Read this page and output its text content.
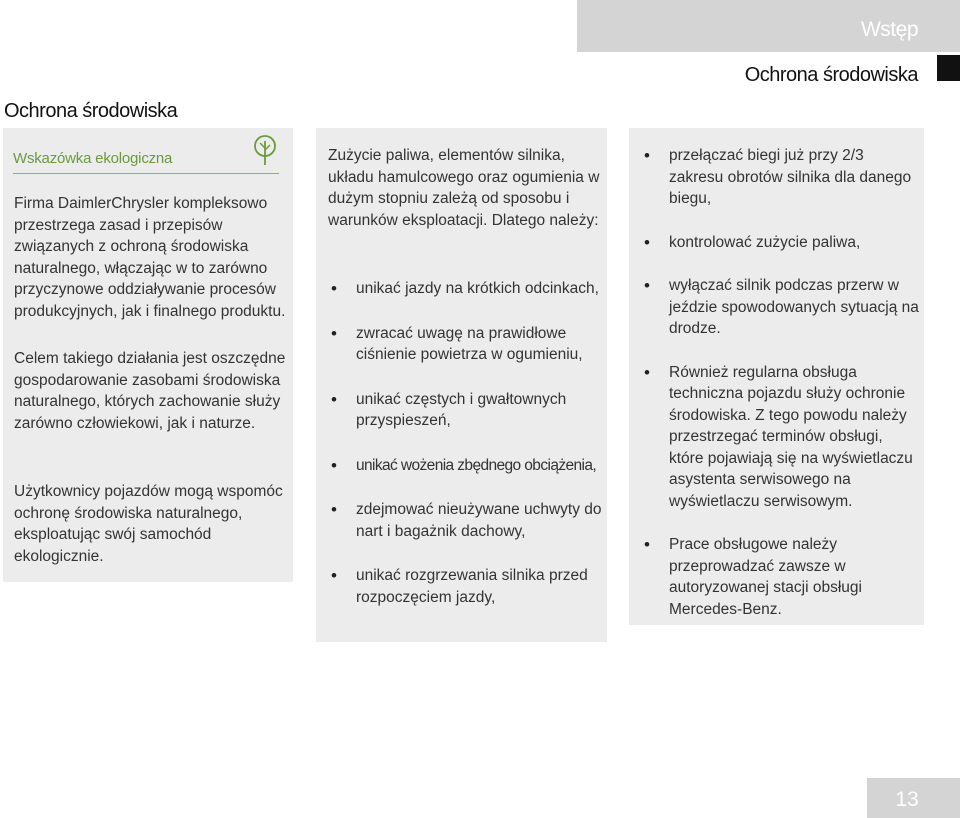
Wstęp
Ochrona środowiska
Ochrona środowiska
Wskazówka ekologiczna

Firma DaimlerChrysler kompleksowo przestrzega zasad i przepisów związanych z ochroną środowiska naturalnego, włączając w to zarówno przyczynowe oddziaływanie procesów produkcyjnych, jak i finalnego produktu.

Celem takiego działania jest oszczędne gospodarowanie zasobami środowiska naturalnego, których zachowanie służy zarówno człowiekowi, jak i naturze.

Użytkownicy pojazdów mogą wspomóc ochronę środowiska naturalnego, eksploatując swój samochód ekologicznie.

Zużycie paliwa, elementów silnika, układu hamulcowego oraz ogumienia w dużym stopniu zależą od sposobu i warunków eksploatacji. Dlatego należy:

• unikać jazdy na krótkich odcinkach,
• zwracać uwagę na prawidłowe ciśnienie powietrza w ogumieniu,
• unikać częstych i gwałtownych przyspieszeń,
• unikać wożenia zbędnego obciążenia,
• zdejmować nieużywane uchwyty do nart i bagażnik dachowy,
• unikać rozgrzewania silnika przed rozpoczęciem jazdy,
• przełączać biegi już przy 2/3 zakresu obrotów silnika dla danego biegu,
• kontrolować zużycie paliwa,
• wyłączać silnik podczas przerw w jeździe spowodowanych sytuacją na drodze.
• Również regularna obsługa techniczna pojazdu służy ochronie środowiska. Z tego powodu należy przestrzegać terminów obsługi, które pojawiają się na wyświetlaczu asystenta serwisowego na wyświetlaczu serwisowym.
• Prace obsługowe należy przeprowadzać zawsze w autoryzowanej stacji obsługi Mercedes-Benz.
13
